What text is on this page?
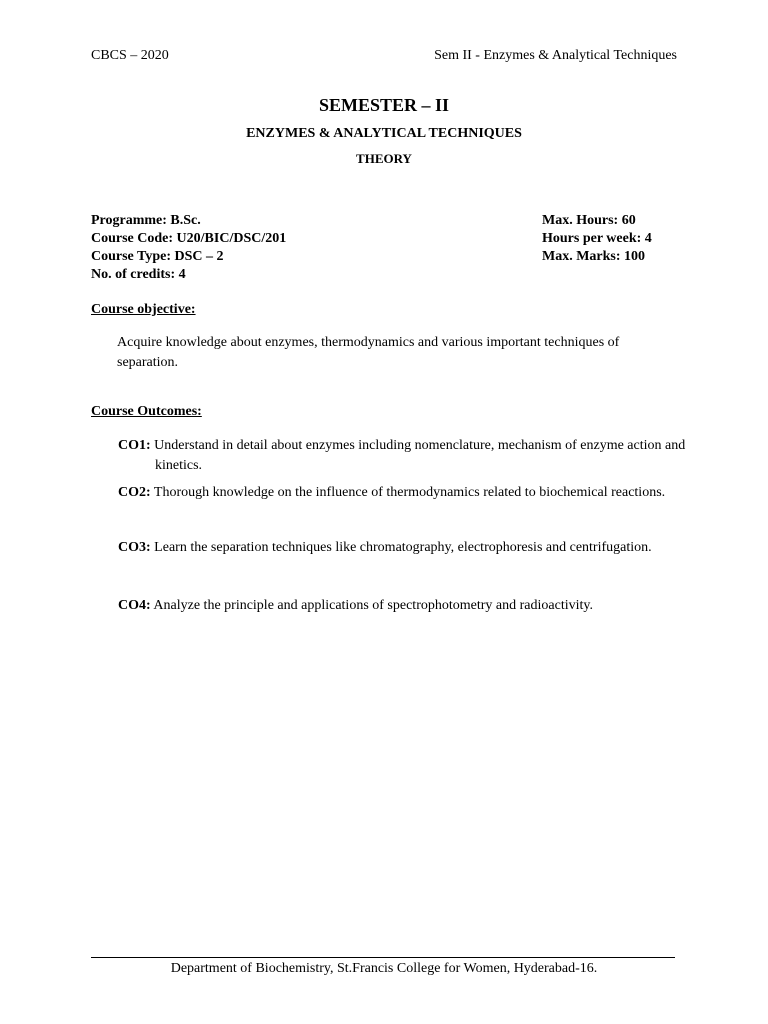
CBCS – 2020	Sem II - Enzymes & Analytical Techniques
SEMESTER – II
ENZYMES & ANALYTICAL TECHNIQUES
THEORY
Programme: B.Sc.
Course Code: U20/BIC/DSC/201
Course Type: DSC – 2
No. of credits: 4
Max. Hours: 60
Hours per week: 4
Max. Marks: 100
Course objective:
Acquire knowledge about enzymes, thermodynamics and various important techniques of separation.
Course Outcomes:
CO1: Understand in detail about enzymes including nomenclature, mechanism of enzyme action and kinetics.
CO2: Thorough knowledge on the influence of thermodynamics related to biochemical reactions.
CO3: Learn the separation techniques like chromatography, electrophoresis and centrifugation.
CO4: Analyze the principle and applications of spectrophotometry and radioactivity.
Department of Biochemistry, St.Francis College for Women, Hyderabad-16.
